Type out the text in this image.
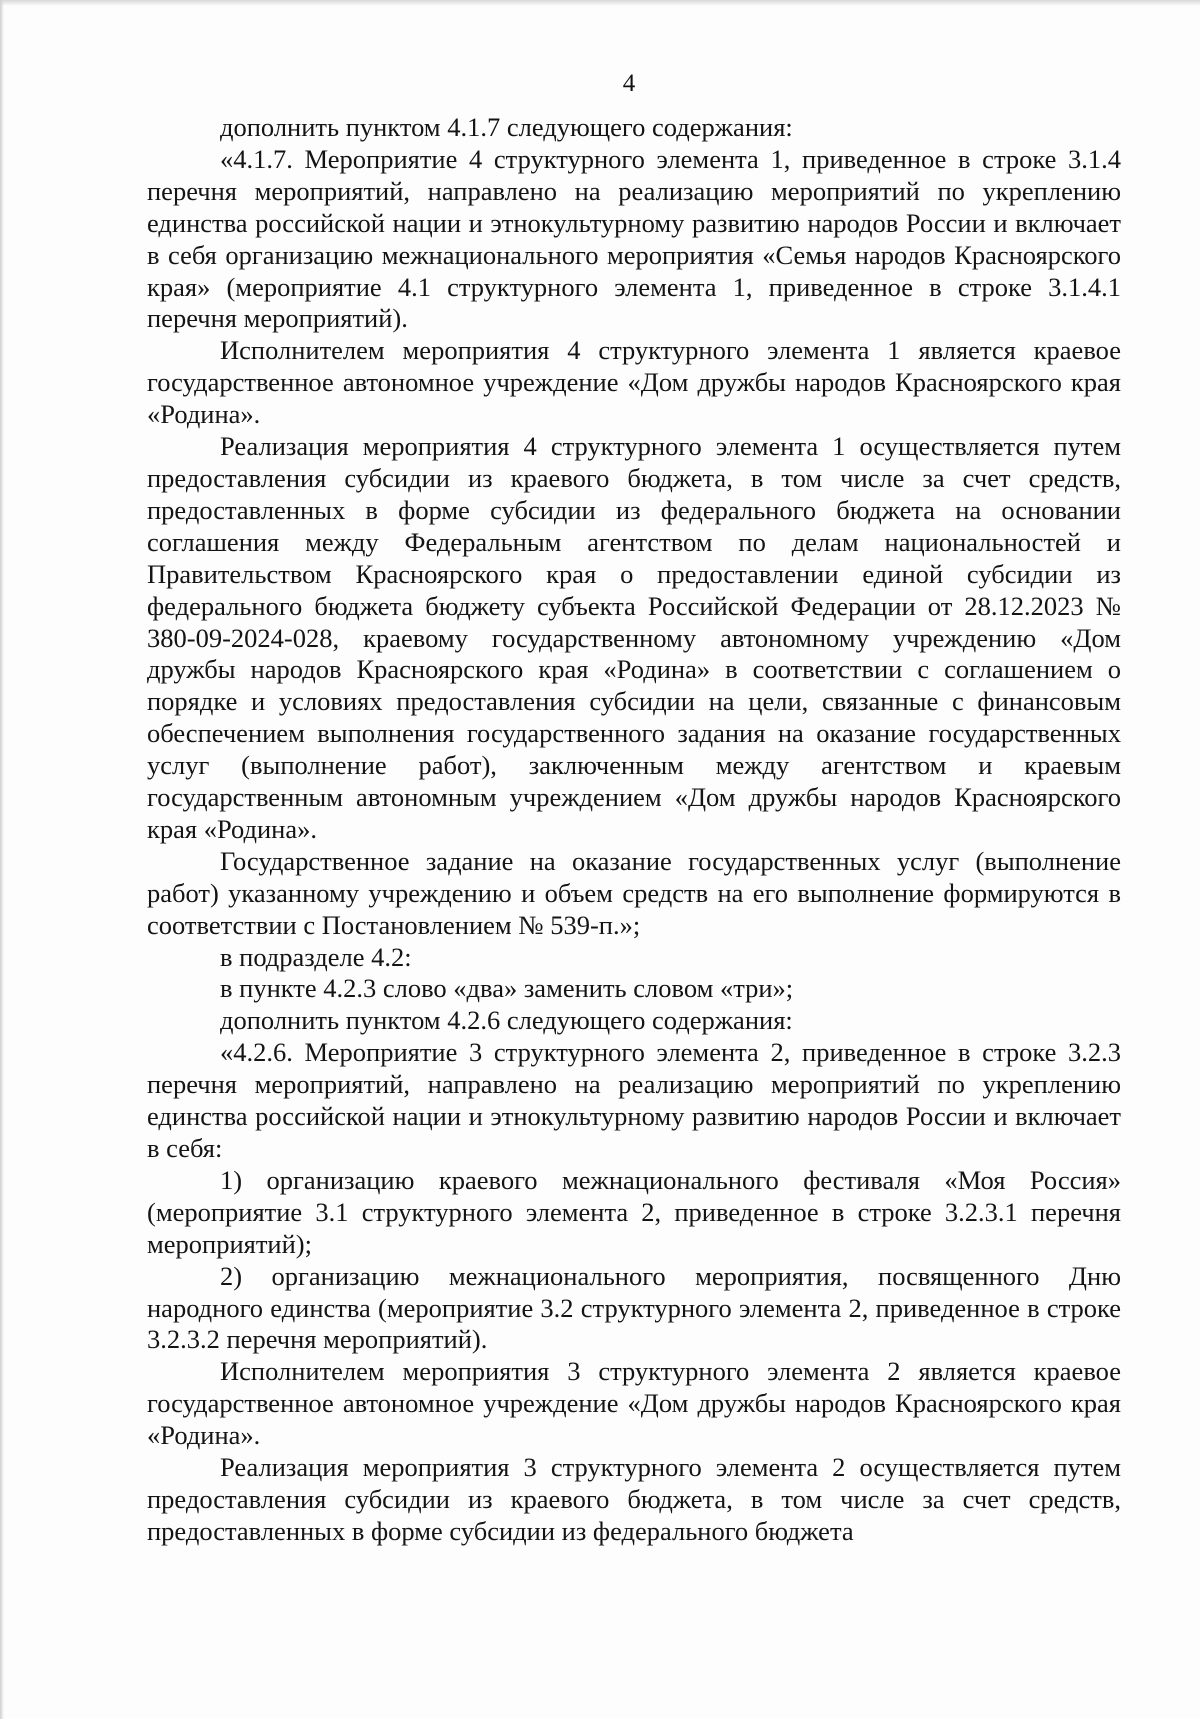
4

дополнить пунктом 4.1.7 следующего содержания:

«4.1.7. Мероприятие 4 структурного элемента 1, приведенное в строке 3.1.4 перечня мероприятий, направлено на реализацию мероприятий по укреплению единства российской нации и этнокультурному развитию народов России и включает в себя организацию межнационального мероприятия «Семья народов Красноярского края» (мероприятие 4.1 структурного элемента 1, приведенное в строке 3.1.4.1 перечня мероприятий).

Исполнителем мероприятия 4 структурного элемента 1 является краевое государственное автономное учреждение «Дом дружбы народов Красноярского края «Родина».

Реализация мероприятия 4 структурного элемента 1 осуществляется путем предоставления субсидии из краевого бюджета, в том числе за счет средств, предоставленных в форме субсидии из федерального бюджета на основании соглашения между Федеральным агентством по делам национальностей и Правительством Красноярского края о предоставлении единой субсидии из федерального бюджета бюджету субъекта Российской Федерации от 28.12.2023 № 380-09-2024-028, краевому государственному автономному учреждению «Дом дружбы народов Красноярского края «Родина» в соответствии с соглашением о порядке и условиях предоставления субсидии на цели, связанные с финансовым обеспечением выполнения государственного задания на оказание государственных услуг (выполнение работ), заключенным между агентством и краевым государственным автономным учреждением «Дом дружбы народов Красноярского края «Родина».

Государственное задание на оказание государственных услуг (выполнение работ) указанному учреждению и объем средств на его выполнение формируются в соответствии с Постановлением № 539-п.»;

в подразделе 4.2:

в пункте 4.2.3 слово «два» заменить словом «три»;

дополнить пунктом 4.2.6 следующего содержания:

«4.2.6. Мероприятие 3 структурного элемента 2, приведенное в строке 3.2.3 перечня мероприятий, направлено на реализацию мероприятий по укреплению единства российской нации и этнокультурному развитию народов России и включает в себя:

1) организацию краевого межнационального фестиваля «Моя Россия» (мероприятие 3.1 структурного элемента 2, приведенное в строке 3.2.3.1 перечня мероприятий);

2) организацию межнационального мероприятия, посвященного Дню народного единства (мероприятие 3.2 структурного элемента 2, приведенное в строке 3.2.3.2 перечня мероприятий).

Исполнителем мероприятия 3 структурного элемента 2 является краевое государственное автономное учреждение «Дом дружбы народов Красноярского края «Родина».

Реализация мероприятия 3 структурного элемента 2 осуществляется путем предоставления субсидии из краевого бюджета, в том числе за счет средств, предоставленных в форме субсидии из федерального бюджета
